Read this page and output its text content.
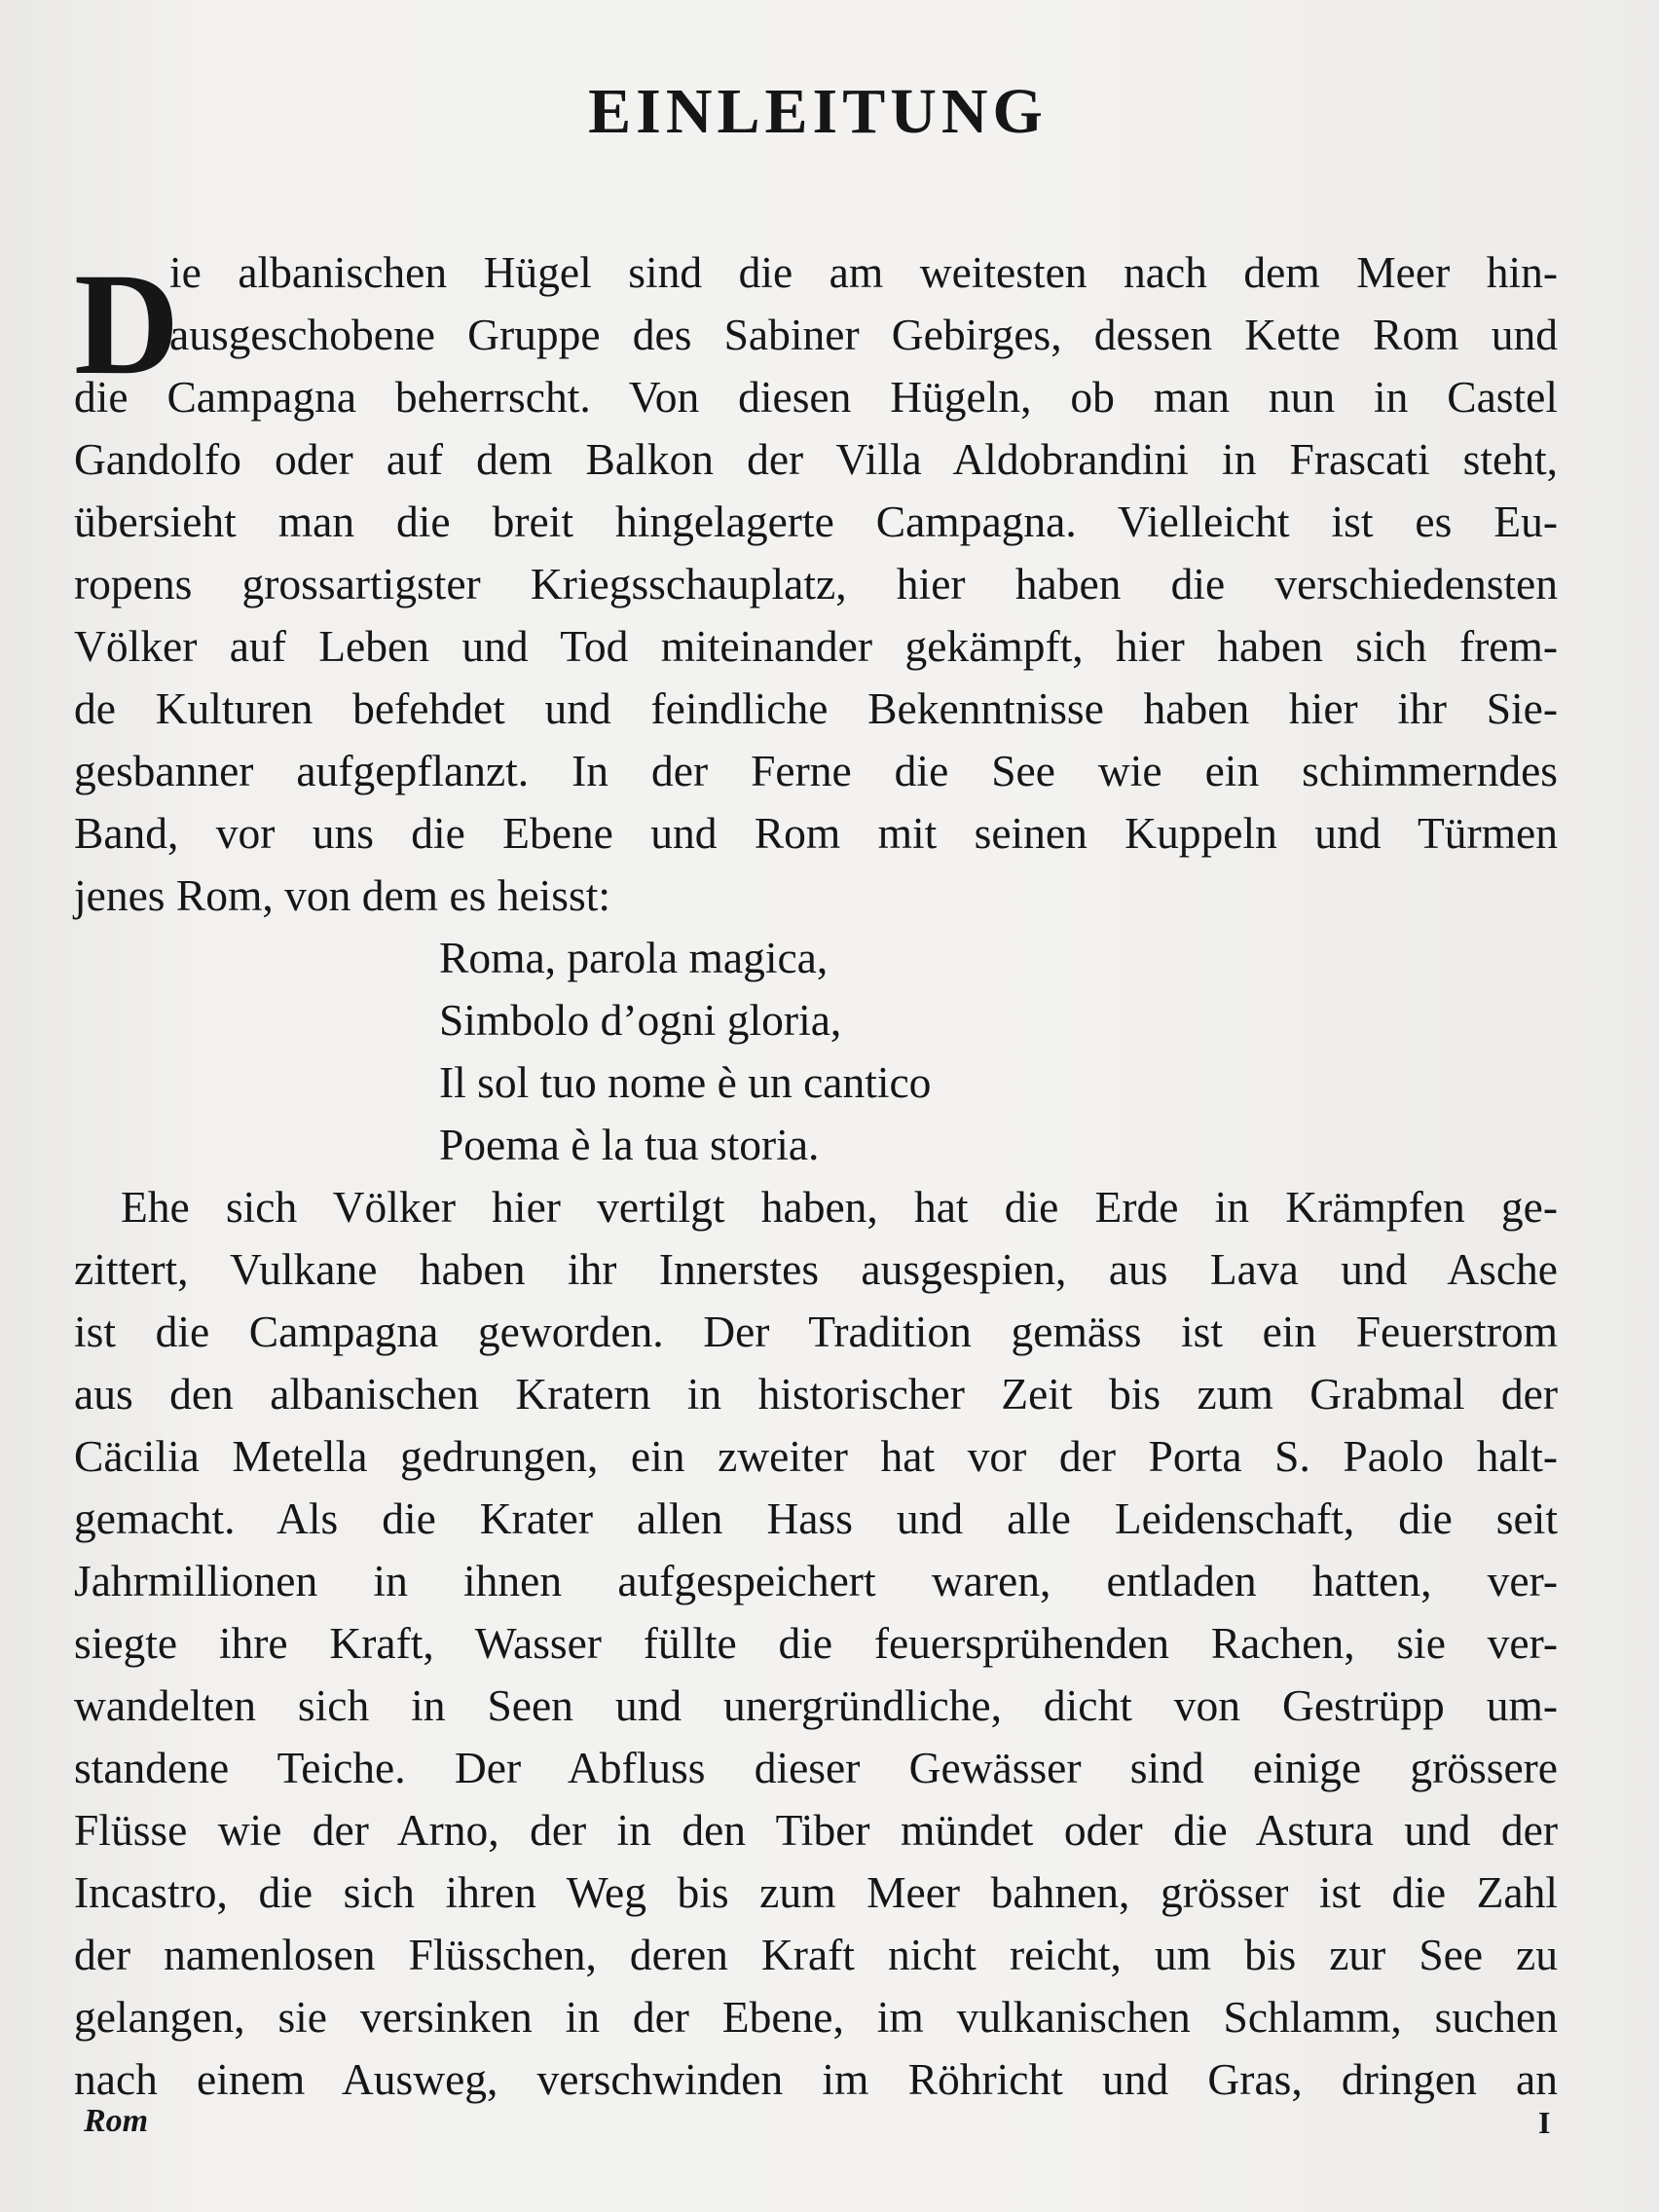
EINLEITUNG
D
ie albanischen Hügel sind die am weitesten nach dem Meer hin-
ausgeschobene Gruppe des Sabiner Gebirges, dessen Kette Rom und
die Campagna beherrscht. Von diesen Hügeln, ob man nun in Castel
Gandolfo oder auf dem Balkon der Villa Aldobrandini in Frascati steht,
übersieht man die breit hingelagerte Campagna. Vielleicht ist es Eu-
ropens grossartigster Kriegsschauplatz, hier haben die verschiedensten
Völker auf Leben und Tod miteinander gekämpft, hier haben sich frem-
de Kulturen befehdet und feindliche Bekenntnisse haben hier ihr Sie-
gesbanner aufgepflanzt. In der Ferne die See wie ein schimmerndes
Band, vor uns die Ebene und Rom mit seinen Kuppeln und Türmen
jenes Rom, von dem es heisst:
Roma, parola magica,
Simbolo d’ogni gloria,
Il sol tuo nome è un cantico
Poema è la tua storia.
Ehe sich Völker hier vertilgt haben, hat die Erde in Krämpfen ge-
zittert, Vulkane haben ihr Innerstes ausgespien, aus Lava und Asche
ist die Campagna geworden. Der Tradition gemäss ist ein Feuerstrom
aus den albanischen Kratern in historischer Zeit bis zum Grabmal der
Cäcilia Metella gedrungen, ein zweiter hat vor der Porta S. Paolo halt-
gemacht. Als die Krater allen Hass und alle Leidenschaft, die seit
Jahrmillionen in ihnen aufgespeichert waren, entladen hatten, ver-
siegte ihre Kraft, Wasser füllte die feuersprühenden Rachen, sie ver-
wandelten sich in Seen und unergründliche, dicht von Gestrüpp um-
standene Teiche. Der Abfluss dieser Gewässer sind einige grössere
Flüsse wie der Arno, der in den Tiber mündet oder die Astura und der
Incastro, die sich ihren Weg bis zum Meer bahnen, grösser ist die Zahl
der namenlosen Flüsschen, deren Kraft nicht reicht, um bis zur See zu
gelangen, sie versinken in der Ebene, im vulkanischen Schlamm, suchen
nach einem Ausweg, verschwinden im Röhricht und Gras, dringen an
Rom	I
